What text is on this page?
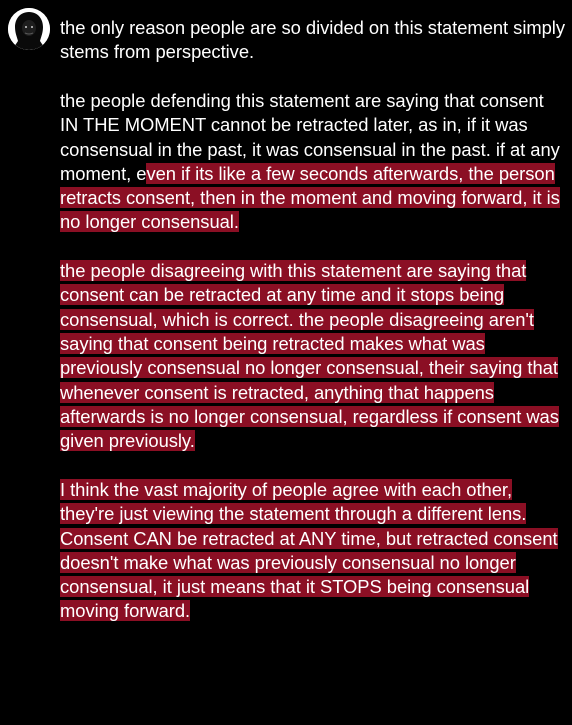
the only reason people are so divided on this statement simply stems from perspective.

the people defending this statement are saying that consent IN THE MOMENT cannot be retracted later, as in, if it was consensual in the past, it was consensual in the past. if at any moment, even if its like a few seconds afterwards, the person retracts consent, then in the moment and moving forward, it is no longer consensual.

the people disagreeing with this statement are saying that consent can be retracted at any time and it stops being consensual, which is correct. the people disagreeing aren't saying that consent being retracted makes what was previously consensual no longer consensual, their saying that whenever consent is retracted, anything that happens afterwards is no longer consensual, regardless if consent was given previously.

I think the vast majority of people agree with each other, they're just viewing the statement through a different lens. Consent CAN be retracted at ANY time, but retracted consent doesn't make what was previously consensual no longer consensual, it just means that it STOPS being consensual moving forward.
